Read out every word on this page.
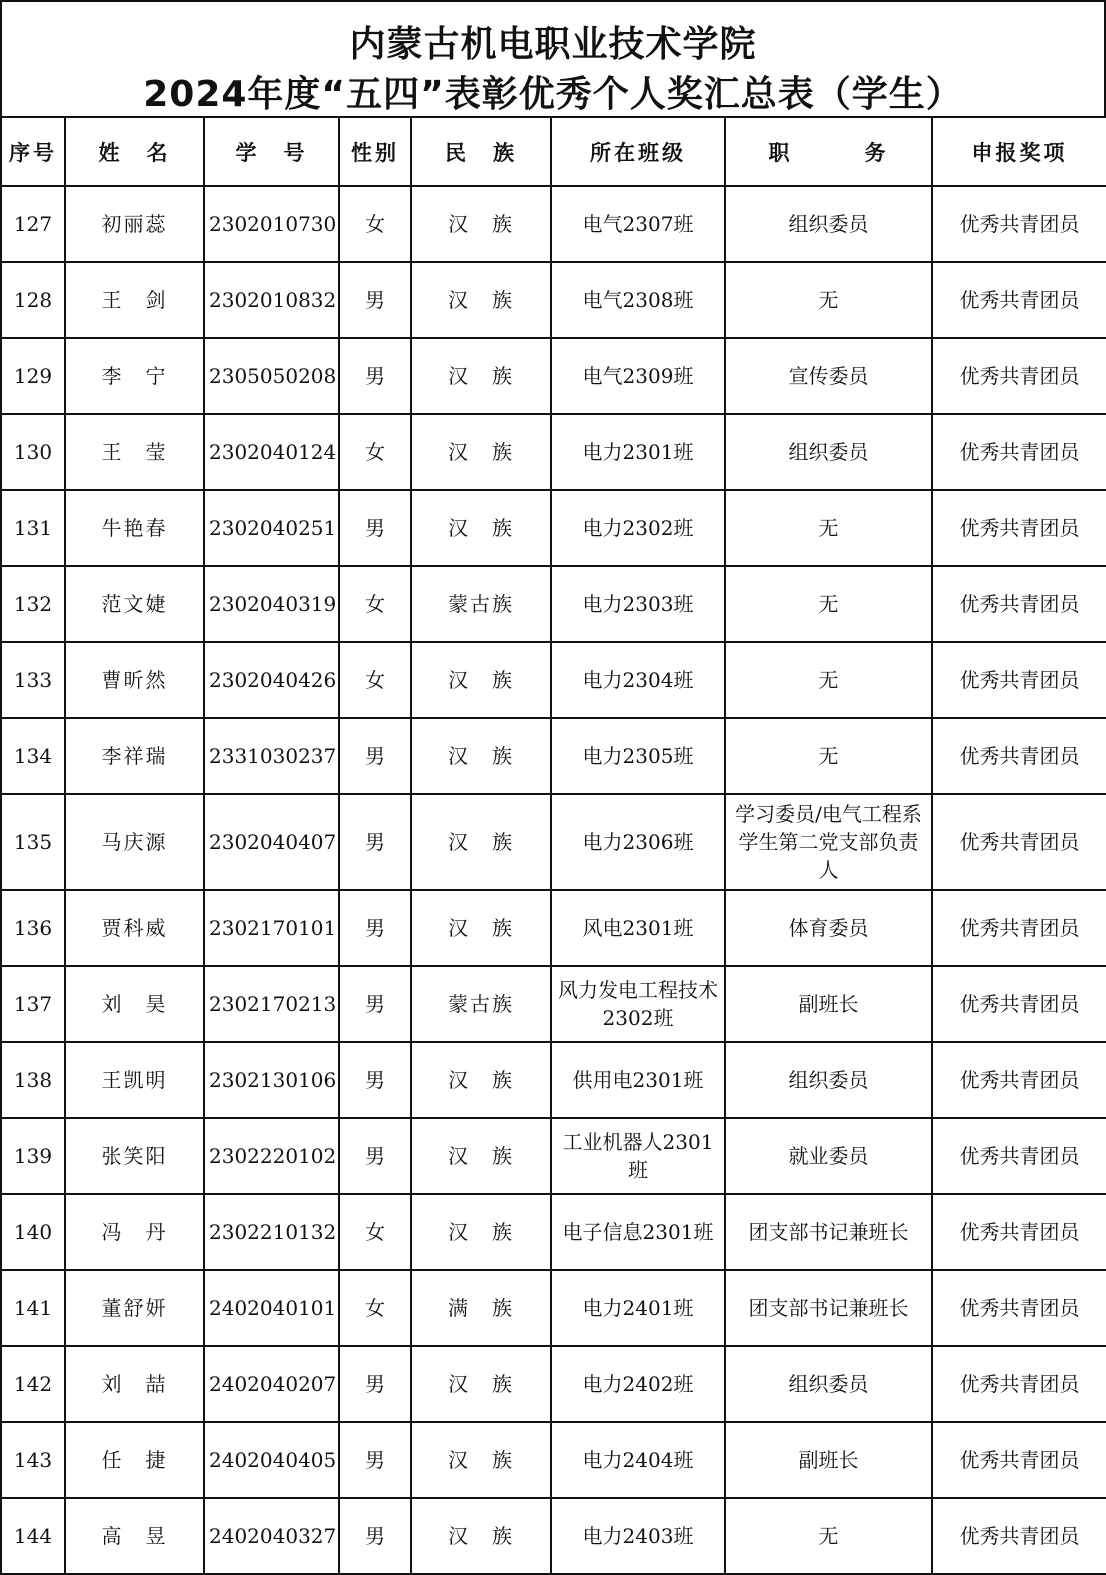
内蒙古机电职业技术学院
2024年度“五四”表彰优秀个人奖汇总表（学生）
序号	姓　名	学　号	性别	民　族	所在班级	职　　　务	申报奖项
127	初丽蕊	2302010730	女	汉　族	电气2307班	组织委员	优秀共青团员
128	王　剑	2302010832	男	汉　族	电气2308班	无	优秀共青团员
129	李　宁	2305050208	男	汉　族	电气2309班	宣传委员	优秀共青团员
130	王　莹	2302040124	女	汉　族	电力2301班	组织委员	优秀共青团员
131	牛艳春	2302040251	男	汉　族	电力2302班	无	优秀共青团员
132	范文婕	2302040319	女	蒙古族	电力2303班	无	优秀共青团员
133	曹昕然	2302040426	女	汉　族	电力2304班	无	优秀共青团员
134	李祥瑞	2331030237	男	汉　族	电力2305班	无	优秀共青团员
135	马庆源	2302040407	男	汉　族	电力2306班	学习委员/电气工程系学生第二党支部负责人	优秀共青团员
136	贾科威	2302170101	男	汉　族	风电2301班	体育委员	优秀共青团员
137	刘　昊	2302170213	男	蒙古族	风力发电工程技术2302班	副班长	优秀共青团员
138	王凯明	2302130106	男	汉　族	供用电2301班	组织委员	优秀共青团员
139	张笑阳	2302220102	男	汉　族	工业机器人2301班	就业委员	优秀共青团员
140	冯　丹	2302210132	女	汉　族	电子信息2301班	团支部书记兼班长	优秀共青团员
141	董舒妍	2402040101	女	满　族	电力2401班	团支部书记兼班长	优秀共青团员
142	刘　喆	2402040207	男	汉　族	电力2402班	组织委员	优秀共青团员
143	任　捷	2402040405	男	汉　族	电力2404班	副班长	优秀共青团员
144	高　昱	2402040327	男	汉　族	电力2403班	无	优秀共青团员
